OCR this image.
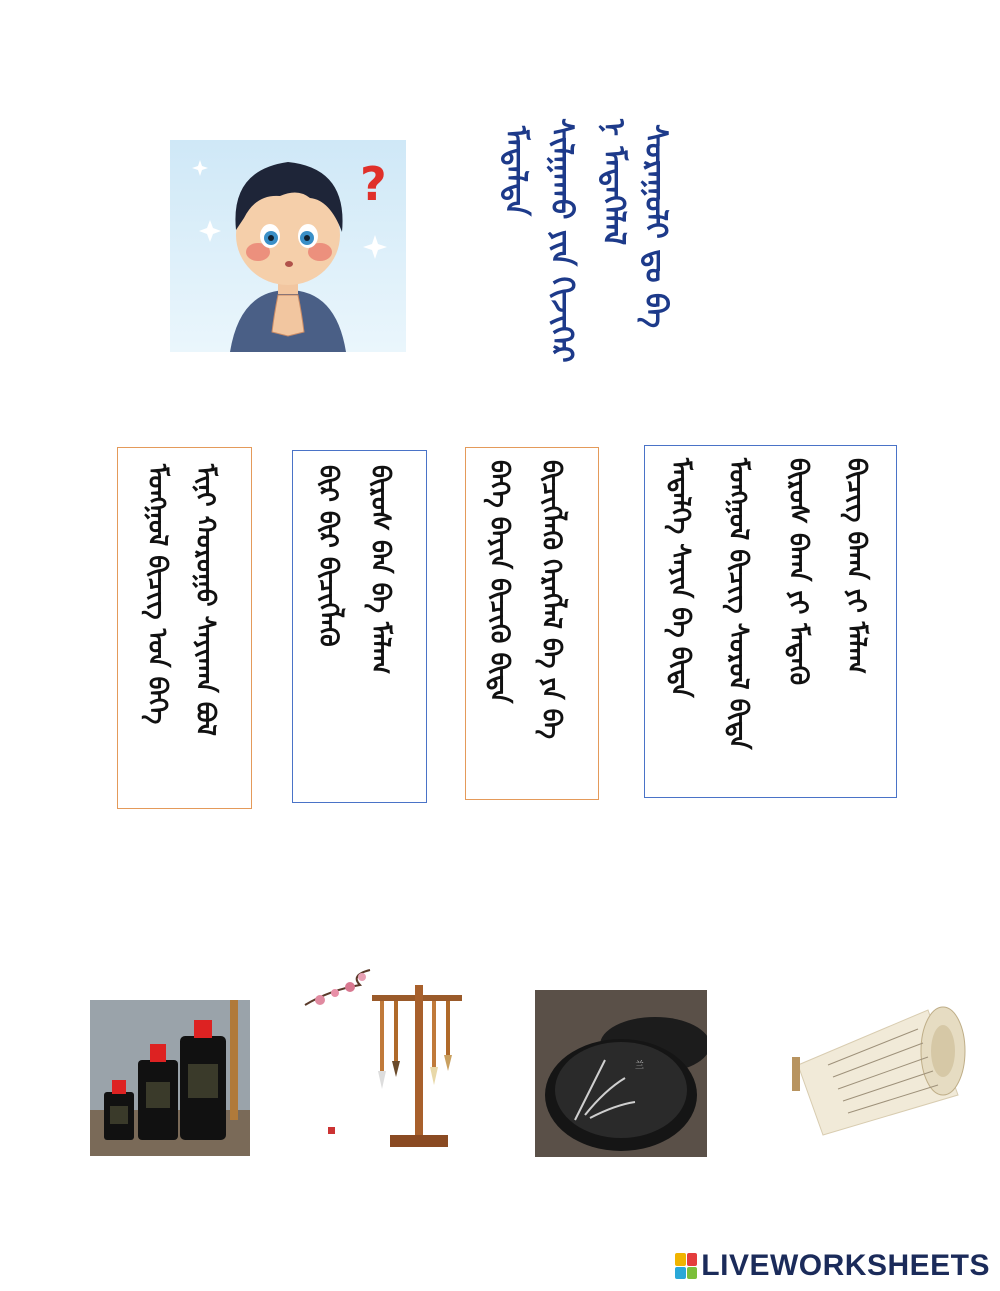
ᠮᠡᠳᠡᠯᠲᠡ ᠰᠢᠯᠭᠠᠬᠤ ᠶᠢᠨ ᠬᠢᠵᠢᠭᠡᠷ ᠨ ᠮᠡᠳᠡᠭᠡᠯᠡᠯ ᠰᠤᠷᠠᠭᠤᠯᠢ ᠳᠤ ᠪᠠ
?
ᠮᠣᠩᠭᠣᠯ ᠪᠢᠴᠢᠭ ᠤᠨ ᠪᠡᠬᠡ ᠮᠢᠨᠢ ᠬᠤᠷᠤᠭᠤ ᠰᠠᠶᠢᠬᠠᠨ ᠪᠣᠯ	ᠪᠢᠷ ᠪᠢᠷ ᠪᠢᠴᠢᠭᠯᠡᠬᠦ ᠪᠢᠷᠤᠰ ᠪᠠᠨ ᠪᠠ ᠮᠠᠯᠠᠭ	ᠪᠡᠬᠡ ᠪᠠᠶᠢᠨ ᠪᠢᠴᠢᠬᠦ ᠪᠢᠳᠡ ᠪᠢᠴᠢᠭᠯᠡᠬᠦ ᠬᠡᠷᠡᠭᠯᠡᠯ ᠪᠠ ᠶᠠ ᠪᠠ	ᠮᠡᠳᠡᠯᠭᠡ ᠰᠠᠶᠢᠨ ᠪᠠ ᠪᠢᠳᠡ ᠮᠣᠩᠭᠣᠯ ᠪᠢᠴᠢᠭ ᠰᠤᠷᠤᠯ ᠪᠢᠳᠡ ᠪᠢᠷᠤᠰ ᠪᠠᠬᠠ ᠶᠢ ᠮᠡᠳᠡᠬᠦ ᠪᠢᠴᠢᠭ ᠪᠠᠬᠠ ᠶᠢ ᠮᠠᠯᠠᠭ
兰
LIVEWORKSHEETS
